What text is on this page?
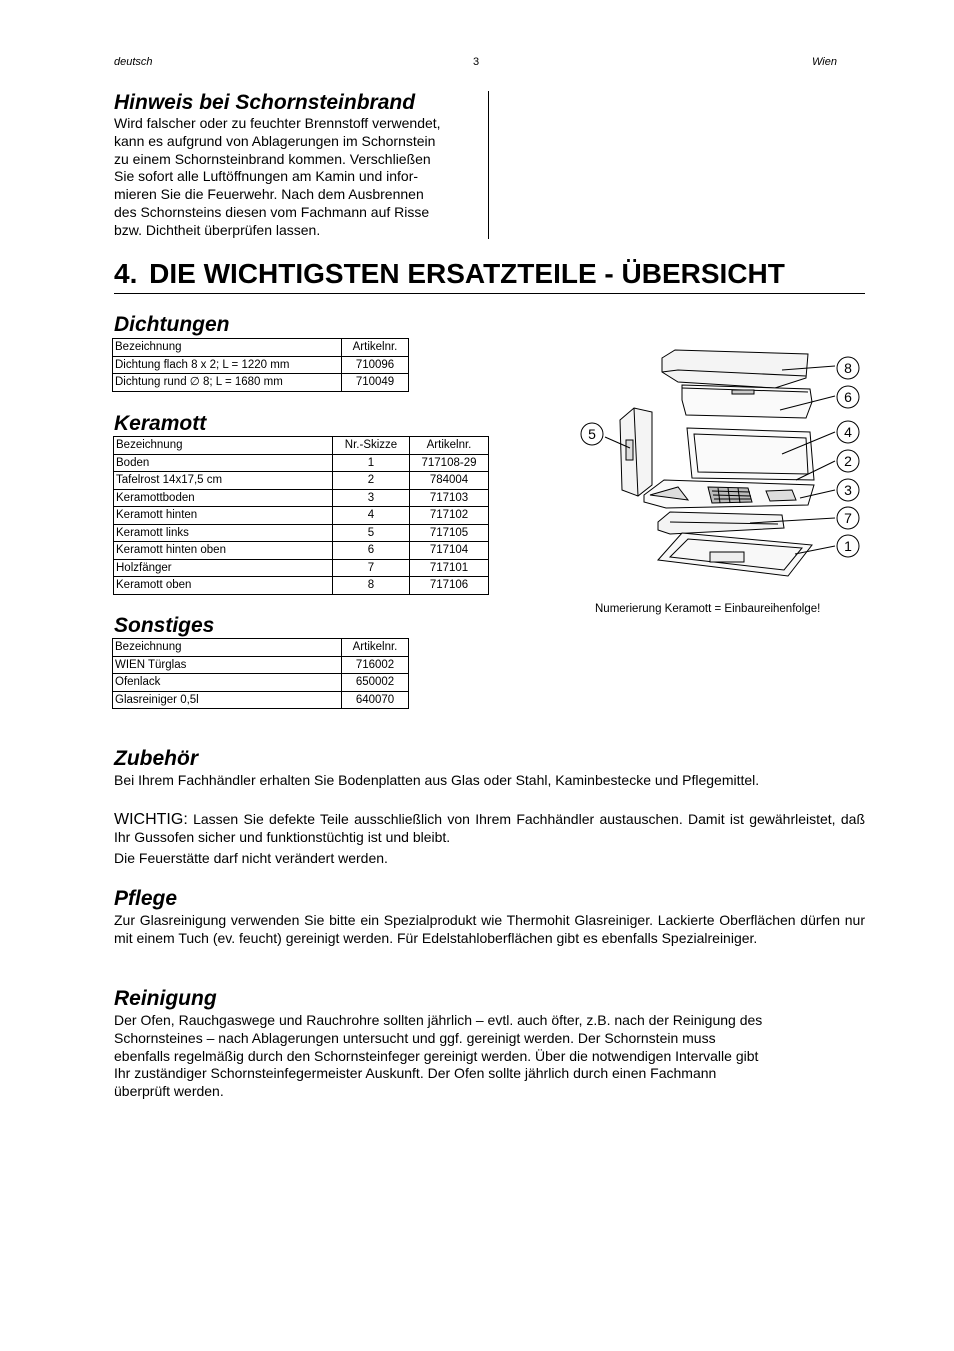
deutsch	3	Wien
Hinweis bei Schornsteinbrand
Wird falscher oder zu feuchter Brennstoff verwendet,
kann es aufgrund von Ablagerungen im Schornstein
zu einem Schornsteinbrand kommen. Verschließen
Sie sofort alle Luftöffnungen am Kamin und infor-
mieren Sie die Feuerwehr. Nach dem Ausbrennen
des Schornsteins diesen vom Fachmann auf Risse
bzw. Dichtheit überprüfen lassen.
4. DIE WICHTIGSTEN ERSATZTEILE - ÜBERSICHT
Dichtungen
Bezeichnung	Artikelnr.
Dichtung flach 8 x 2; L = 1220 mm	710096
Dichtung rund ∅ 8; L = 1680 mm	710049
Keramott
Bezeichnung	Nr.-Skizze	Artikelnr.
Boden	1	717108-29
Tafelrost 14x17,5 cm	2	784004
Keramottboden	3	717103
Keramott hinten	4	717102
Keramott links	5	717105
Keramott hinten oben	6	717104
Holzfänger	7	717101
Keramott oben	8	717106
Sonstiges
Bezeichnung	Artikelnr.
WIEN Türglas	716002
Ofenlack	650002
Glasreiniger 0,5l	640070
8
6
4
2
3
7
1
5
Numerierung Keramott = Einbaureihenfolge!
Zubehör
Bei Ihrem Fachhändler erhalten Sie Bodenplatten aus Glas oder Stahl, Kaminbestecke und Pflegemittel.
WICHTIG: Lassen Sie defekte Teile ausschließlich von Ihrem Fachhändler austauschen. Damit ist gewährleistet, daß Ihr Gussofen sicher und funktionstüchtig ist und bleibt.
Die Feuerstätte darf nicht verändert werden.
Pflege
Zur Glasreinigung verwenden Sie bitte ein Spezialprodukt wie Thermohit Glasreiniger. Lackierte Oberflächen dürfen nur mit einem Tuch (ev. feucht) gereinigt werden. Für Edelstahloberflächen gibt es ebenfalls Spezialreiniger.
Reinigung
Der Ofen, Rauchgaswege und Rauchrohre sollten jährlich – evtl. auch öfter, z.B. nach der Reinigung des
Schornsteines – nach Ablagerungen untersucht und ggf. gereinigt werden. Der Schornstein muss
ebenfalls regelmäßig durch den Schornsteinfeger gereinigt werden. Über die notwendigen Intervalle gibt
Ihr zuständiger Schornsteinfegermeister Auskunft. Der Ofen sollte jährlich durch einen Fachmann
überprüft werden.
